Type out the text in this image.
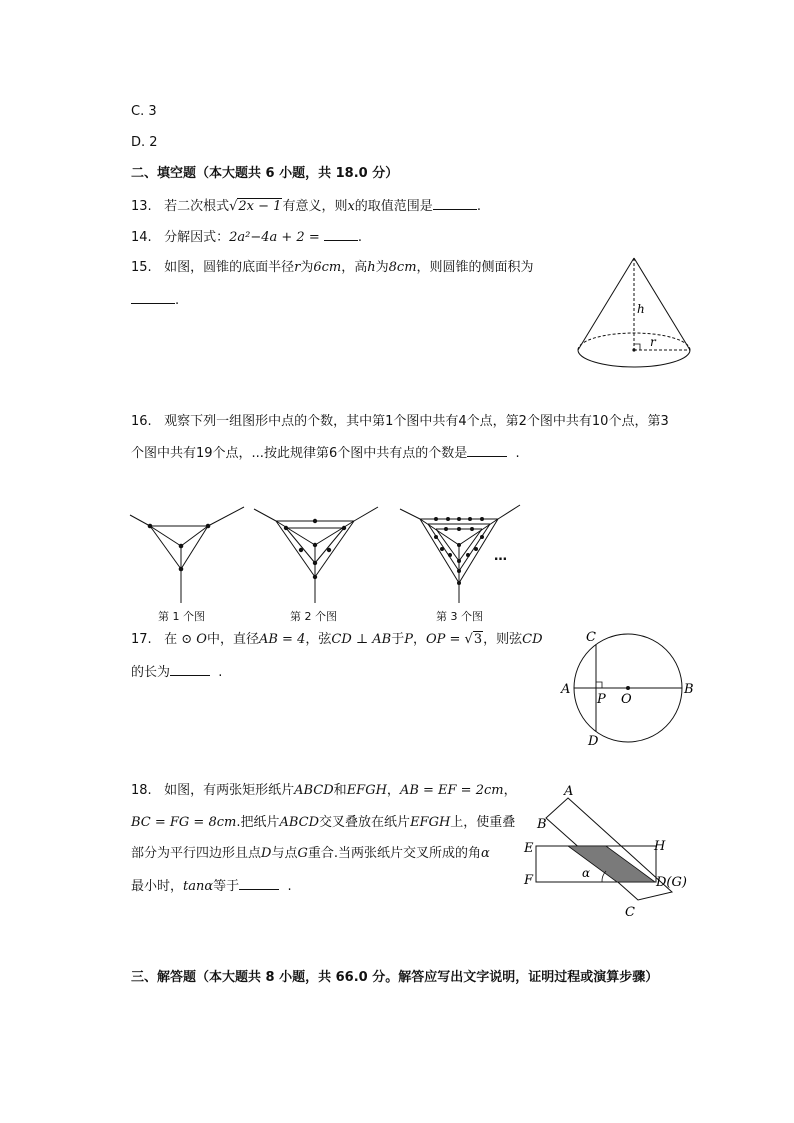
C. 3
D. 2
二、填空题（本大题共 6 小题，共 18.0 分）
13. 若二次根式√2x − 1有意义，则x的取值范围是	.
14. 分解因式：2a²−4a + 2 =	.
15. 如图，圆锥的底面半径r为6cm，高h为8cm，则圆锥的侧面积为
.
h
r
16. 观察下列一组图形中点的个数，其中第1个图中共有4个点，第2个图中共有10个点，第3
个图中共有19个点，...按此规律第6个图中共有点的个数是	.
…
第 1 个图	第 2 个图	第 3 个图
17. 在 ⊙ O中，直径AB = 4，弦CD ⊥ AB于P，OP = √3，则弦CD
的长为	.
C
A	B
P O
D
18. 如图，有两张矩形纸片ABCD和EFGH，AB = EF = 2cm，
BC = FG = 8cm.把纸片ABCD交叉叠放在纸片EFGH上，使重叠
部分为平行四边形且点D与点G重合.当两张纸片交叉所成的角α
最小时，tanα等于	.
A
B
E	H
F	α
D(G)
C
三、解答题（本大题共 8 小题，共 66.0 分。解答应写出文字说明，证明过程或演算步骤）
